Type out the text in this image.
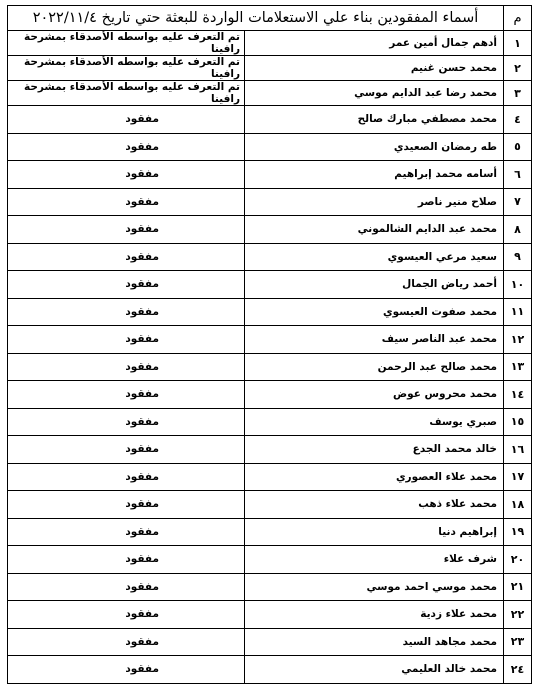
م	أسماء المفقودين بناء علي الاستعلامات الواردة للبعثة حتي تاريخ ٢٠٢٢/١١/٤	
١	أدهم جمال أمين عمر	تم التعرف عليه بواسطه الأصدقاء بمشرحة رافينا
٢	محمد حسن غنيم	تم التعرف عليه بواسطه الأصدقاء بمشرحة رافينا
٣	محمد رضا عبد الدايم موسي	تم التعرف عليه بواسطه الأصدقاء بمشرحة رافينا
٤	محمد مصطفي مبارك صالح	مفقود
٥	طه رمضان الصعيدي	مفقود
٦	أسامه محمد إبراهيم	مفقود
٧	صلاح منير ناصر	مفقود
٨	محمد عبد الدايم الشالموني	مفقود
٩	سعيد مرعي العيسوي	مفقود
١٠	أحمد رياض الجمال	مفقود
١١	محمد صفوت العيسوي	مفقود
١٢	محمد عبد الناصر سيف	مفقود
١٣	محمد صالح عبد الرحمن	مفقود
١٤	محمد محروس عوض	مفقود
١٥	صبري يوسف	مفقود
١٦	خالد محمد الجدع	مفقود
١٧	محمد علاء العصوري	مفقود
١٨	محمد علاء ذهب	مفقود
١٩	إبراهيم دنيا	مفقود
٢٠	شرف علاء	مفقود
٢١	محمد موسي احمد موسي	مفقود
٢٢	محمد علاء زدية	مفقود
٢٣	محمد مجاهد السيد	مفقود
٢٤	محمد خالد العليمي	مفقود
